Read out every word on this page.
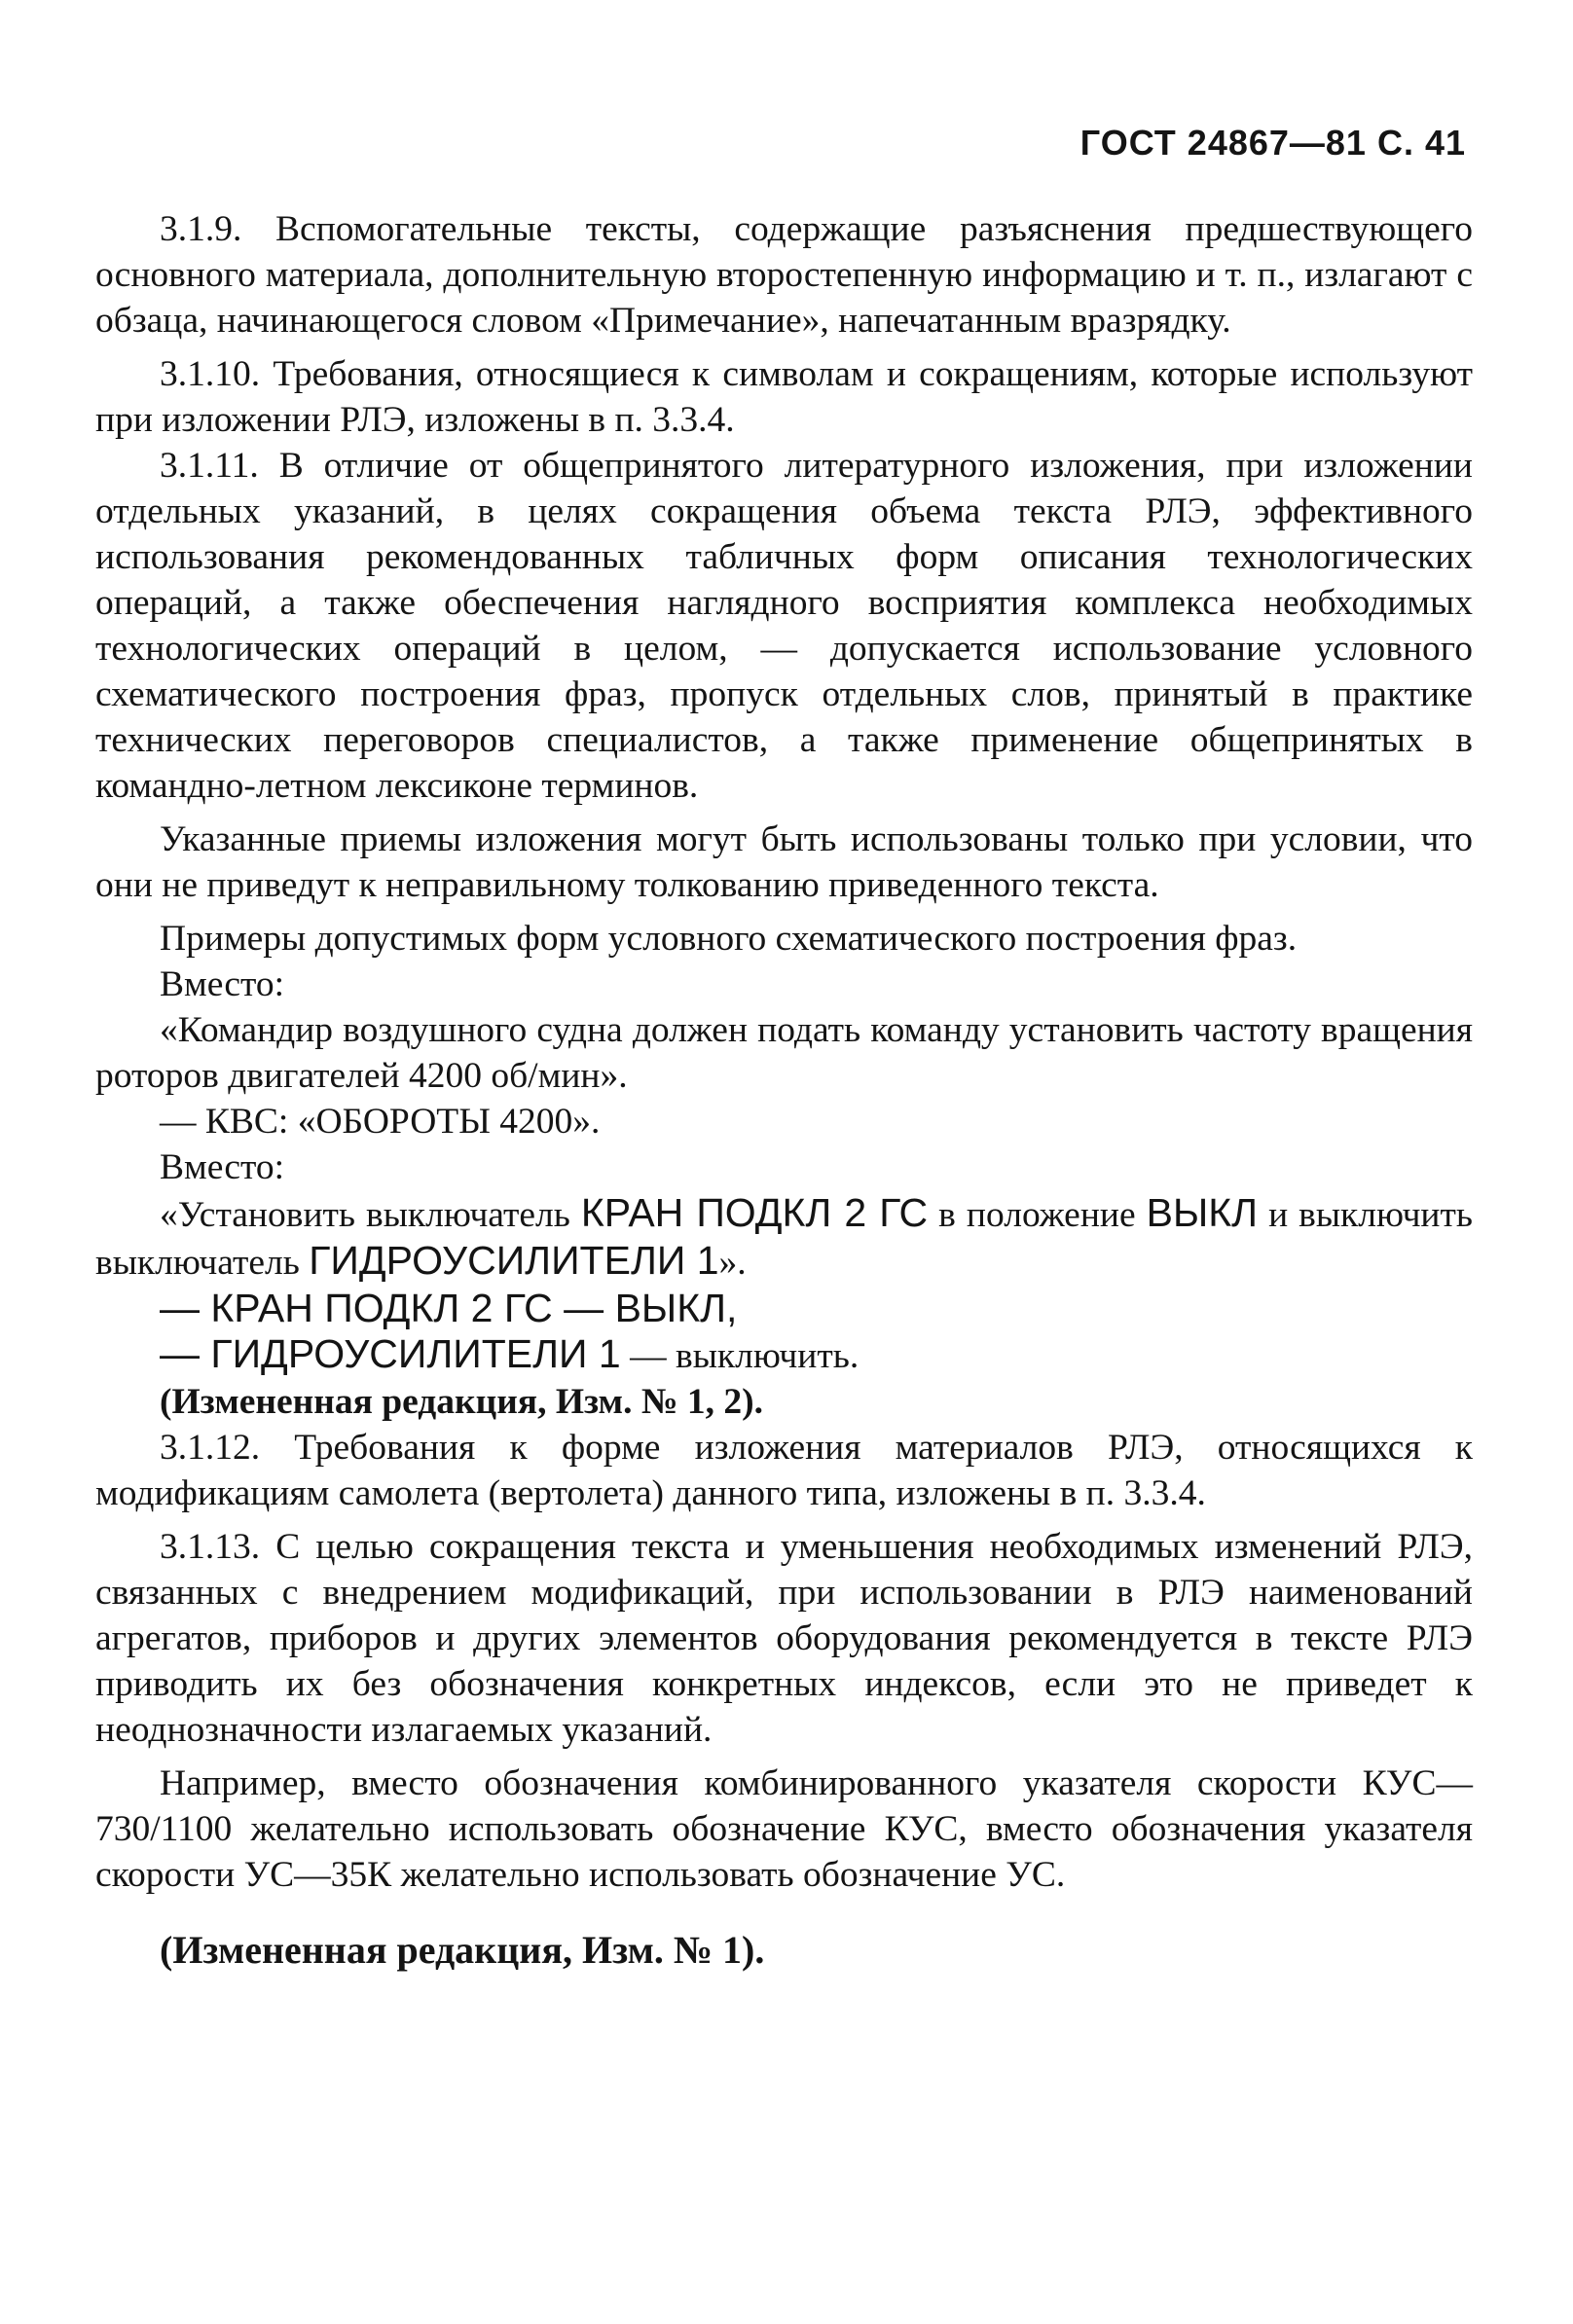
ГОСТ 24867—81 С. 41

3.1.9. Вспомогательные тексты, содержащие разъяснения предшествующего основного материала, дополнительную второстепенную информацию и т. п., излагают с обзаца, начинающегося словом «Примечание», напечатанным вразрядку.

3.1.10. Требования, относящиеся к символам и сокращениям, которые используют при изложении РЛЭ, изложены в п. 3.3.4.

3.1.11. В отличие от общепринятого литературного изложения, при изложении отдельных указаний, в целях сокращения объема текста РЛЭ, эффективного использования рекомендованных табличных форм описания технологических операций, а также обеспечения наглядного восприятия комплекса необходимых технологических операций в целом, — допускается использование условного схематического построения фраз, пропуск отдельных слов, принятый в практике технических переговоров специалистов, а также применение общепринятых в командно-летном лексиконе терминов.

Указанные приемы изложения могут быть использованы только при условии, что они не приведут к неправильному толкованию приведенного текста.

Примеры допустимых форм условного схематического построения фраз.

Вместо:

«Командир воздушного судна должен подать команду установить частоту вращения роторов двигателей 4200 об/мин».

— КВС: «ОБОРОТЫ 4200».

Вместо:

«Установить выключатель КРАН ПОДКЛ 2 ГС в положение ВЫКЛ и выключить выключатель ГИДРОУСИЛИТЕЛИ 1».

— КРАН ПОДКЛ 2 ГС — ВЫКЛ,

— ГИДРОУСИЛИТЕЛИ 1 — выключить.

(Измененная редакция, Изм. № 1, 2).

3.1.12. Требования к форме изложения материалов РЛЭ, относящихся к модификациям самолета (вертолета) данного типа, изложены в п. 3.3.4.

3.1.13. С целью сокращения текста и уменьшения необходимых изменений РЛЭ, связанных с внедрением модификаций, при использовании в РЛЭ наименований агрегатов, приборов и других элементов оборудования рекомендуется в тексте РЛЭ приводить их без обозначения конкретных индексов, если это не приведет к неоднозначности излагаемых указаний.

Например, вместо обозначения комбинированного указателя скорости КУС—730/1100 желательно использовать обозначение КУС, вместо обозначения указателя скорости УС—35К желательно использовать обозначение УС.

(Измененная редакция, Изм. № 1).
